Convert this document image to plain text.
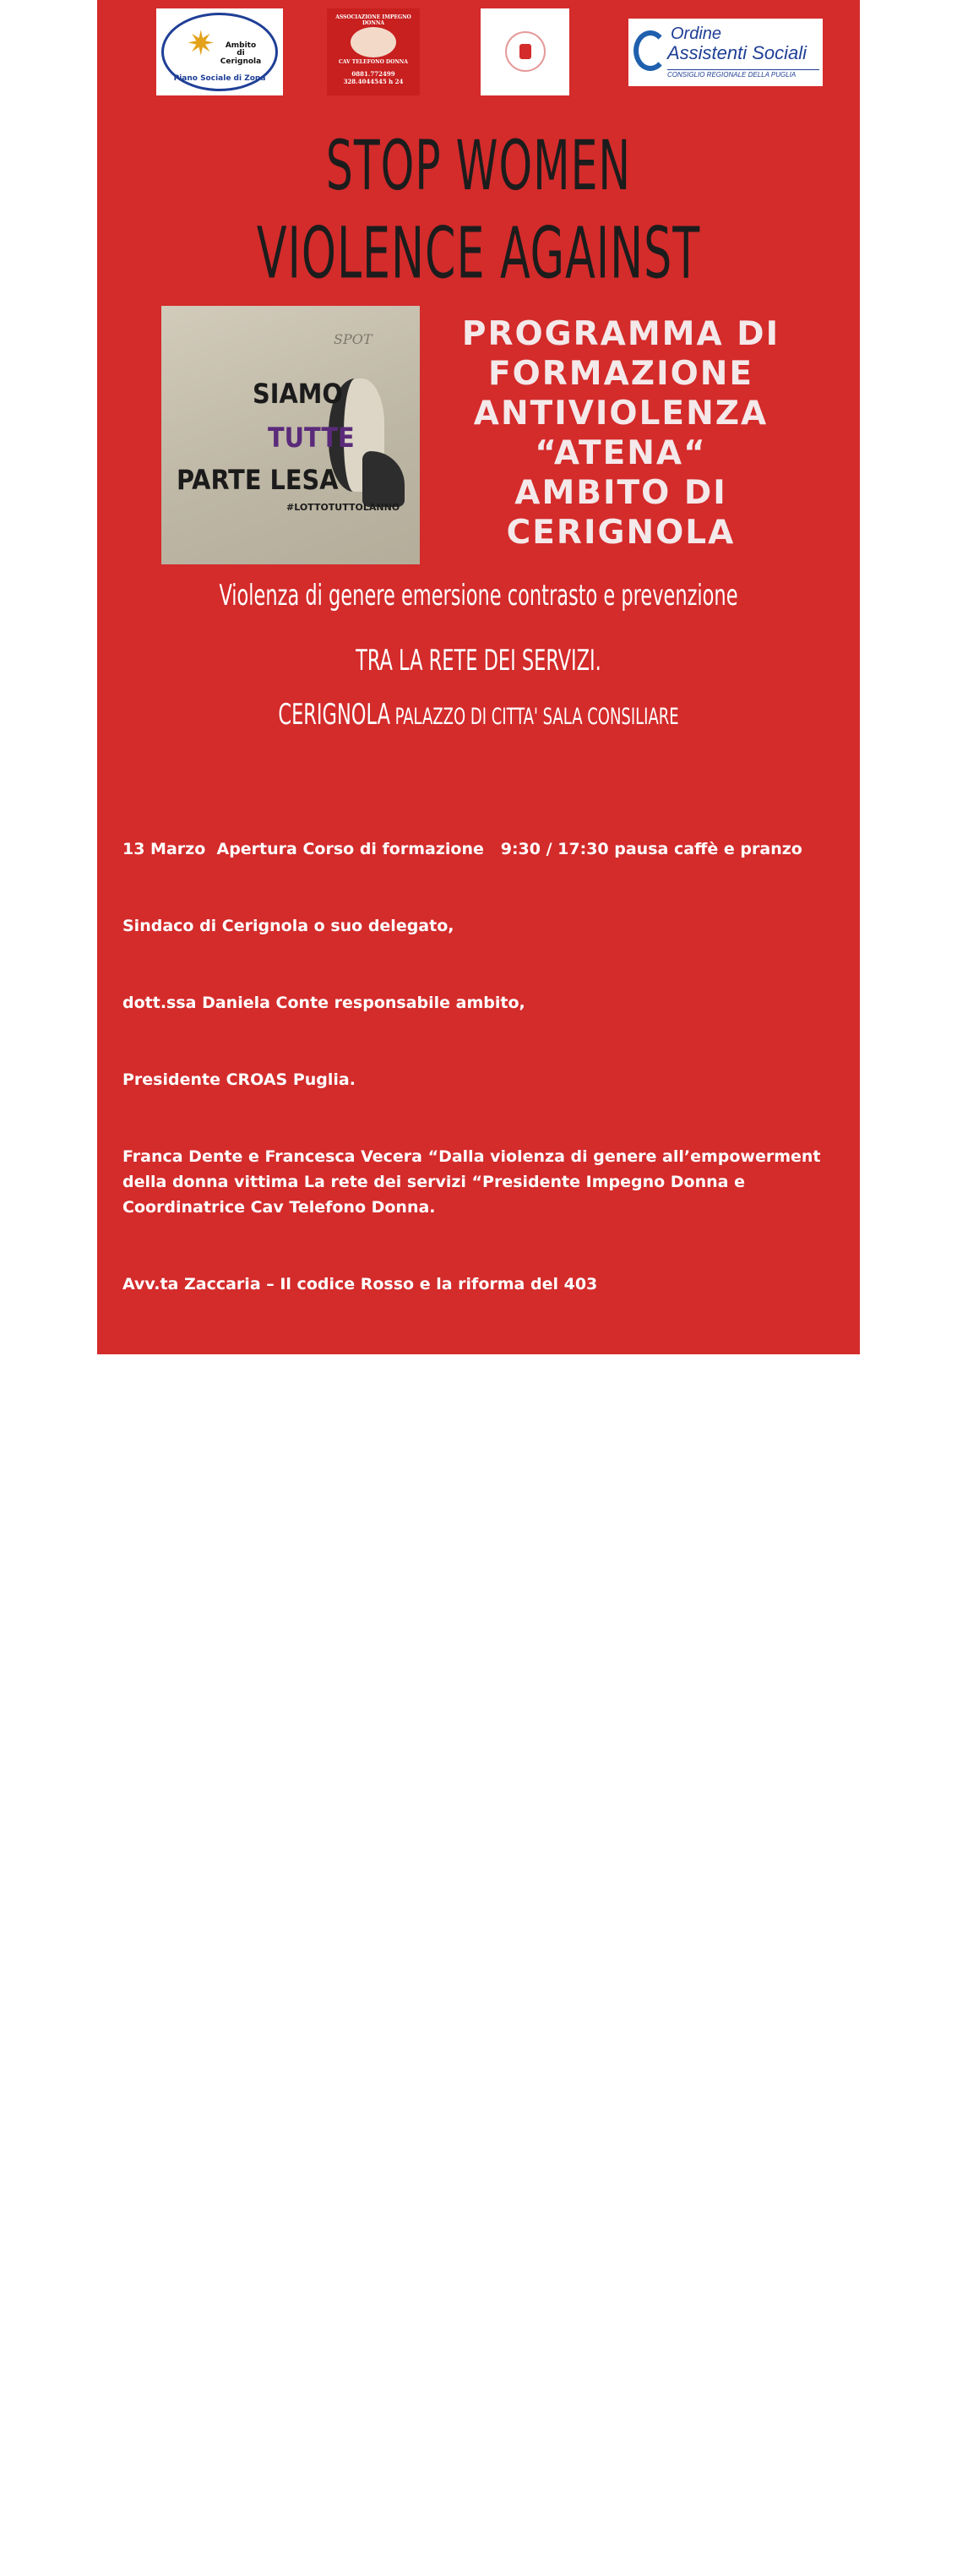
✷	Ambito
di
Cerignola
Piano Sociale di Zona
ASSOCIAZIONE IMPEGNO DONNA
CAV TELEFONO DONNA
0881.772499
328.4044545 h 24
Ordine
Assistenti Sociali
CONSIGLIO REGIONALE DELLA PUGLIA
STOP WOMEN
VIOLENCE AGAINST
SPOT
SIAMO
TUTTE
PARTE LESA
#LOTTOTUTTOLANNO
PROGRAMMA DI
FORMAZIONE
ANTIVIOLENZA
“ATENA“
AMBITO DI
CERIGNOLA
Violenza di genere emersione contrasto e prevenzione
TRA LA RETE DEI SERVIZI.
CERIGNOLA PALAZZO DI CITTA' SALA CONSILIARE

13 Marzo  Apertura Corso di formazione   9:30 / 17:30 pausa caffè e pranzo

Sindaco di Cerignola o suo delegato,

dott.ssa Daniela Conte responsabile ambito,

Presidente CROAS Puglia.

Franca Dente e Francesca Vecera “Dalla violenza di genere all’empowerment della donna vittima La rete dei servizi “Presidente Impegno Donna e Coordinatrice Cav Telefono Donna.

Avv.ta Zaccaria – Il codice Rosso e la riforma del 403

3 Aprile Dott.ssa Elvira Reale – 9:30 / 12:30 on line

gli effetti della violenza sulla salute, il referto, il maltrattamento assistito, la commissione femminicidi

13 Aprile Margherita Carlini  -  9:30 / 17:30 pausa caffè e pranzo

Valutazione delle competenze genitoriali, valutazione del rischio.

12 Maggio Dott.ssa Elisa Ercoli – 9:30 / 17:30 pausa caffè e pranzo

Empowerment e reti relazionali

18 Maggio Dott.ssa Tiziana Vitale e Dott.ssa Marvita Goffredo –  9:30 / 17:30 pausa caffè e pranzo

Femminicidi, Orfani speciali e manuale operativo.
